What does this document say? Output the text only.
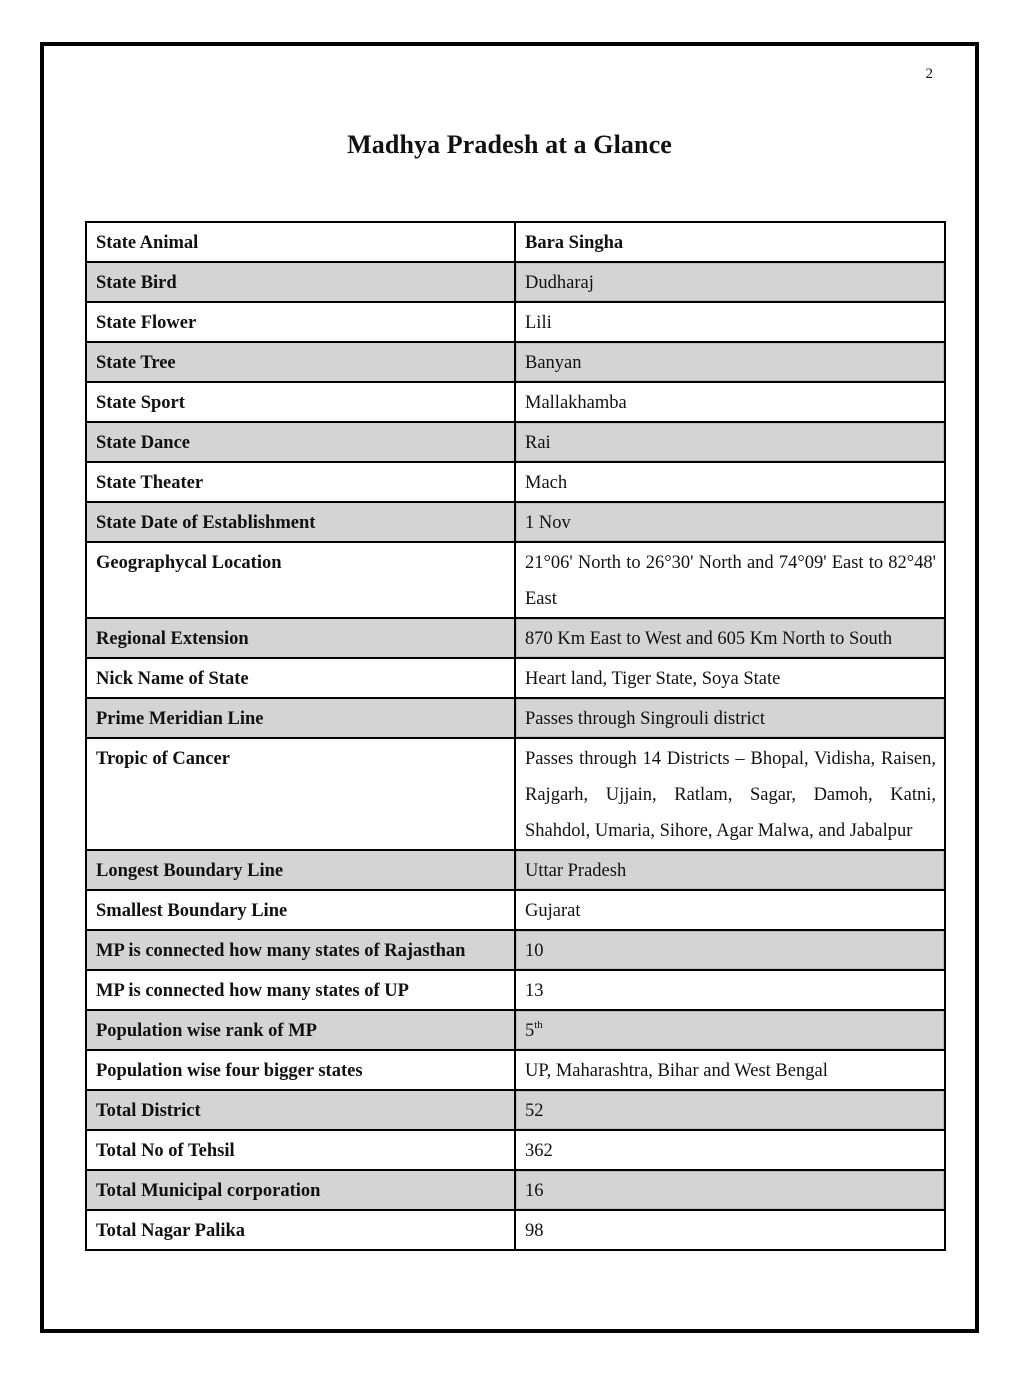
2
Madhya Pradesh at a Glance
State Animal	Bara Singha
State Bird	Dudharaj
State Flower	Lili
State Tree	Banyan
State Sport	Mallakhamba
State Dance	Rai
State Theater	Mach
State Date of Establishment	1 Nov
Geographycal Location	21°06' North to 26°30' North and 74°09' East to 82°48' East
Regional Extension	870 Km East to West and 605 Km North to South
Nick Name of State	Heart land, Tiger State, Soya State
Prime Meridian Line	Passes through Singrouli district
Tropic of Cancer	Passes through 14 Districts – Bhopal, Vidisha, Raisen, Rajgarh, Ujjain, Ratlam, Sagar, Damoh, Katni, Shahdol, Umaria, Sihore, Agar Malwa, and Jabalpur
Longest Boundary Line	Uttar Pradesh
Smallest Boundary Line	Gujarat
MP is connected how many states of Rajasthan	10
MP is connected how many states of UP	13
Population wise rank of MP	5th
Population wise four bigger states	UP, Maharashtra, Bihar and West Bengal
Total District	52
Total No of Tehsil	362
Total Municipal corporation	16
Total Nagar Palika	98
